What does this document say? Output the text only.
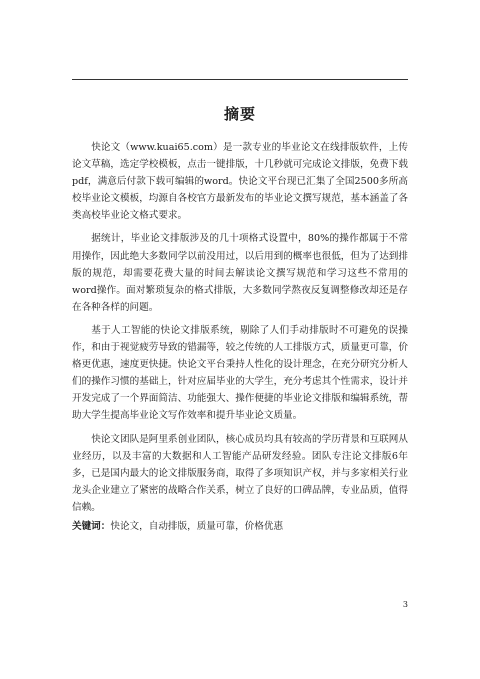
摘要

快论文（www.kuai65.com）是一款专业的毕业论文在线排版软件，上传论文草稿，选定学校模板，点击一键排版，十几秒就可完成论文排版，免费下载pdf，满意后付款下载可编辑的word。快论文平台现已汇集了全国2500多所高校毕业论文模板，均源自各校官方最新发布的毕业论文撰写规范，基本涵盖了各类高校毕业论文格式要求。

据统计，毕业论文排版涉及的几十项格式设置中，80%的操作都属于不常用操作，因此绝大多数同学以前没用过，以后用到的概率也很低，但为了达到排版的规范，却需要花费大量的时间去解读论文撰写规范和学习这些不常用的word操作。面对繁琐复杂的格式排版，大多数同学熬夜反复调整修改却还是存在各种各样的问题。

基于人工智能的快论文排版系统，剔除了人们手动排版时不可避免的误操作，和由于视觉疲劳导致的错漏等，较之传统的人工排版方式，质量更可靠，价格更优惠，速度更快捷。快论文平台秉持人性化的设计理念，在充分研究分析人们的操作习惯的基础上，针对应届毕业的大学生，充分考虑其个性需求，设计并开发完成了一个界面简洁、功能强大、操作便捷的毕业论文排版和编辑系统，帮助大学生提高毕业论文写作效率和提升毕业论文质量。

快论文团队是阿里系创业团队，核心成员均具有较高的学历背景和互联网从业经历，以及丰富的大数据和人工智能产品研发经验。团队专注论文排版6年多，已是国内最大的论文排版服务商，取得了多项知识产权，并与多家相关行业龙头企业建立了紧密的战略合作关系，树立了良好的口碑品牌，专业品质，值得信赖。

关键词：快论文，自动排版，质量可靠，价格优惠
3
